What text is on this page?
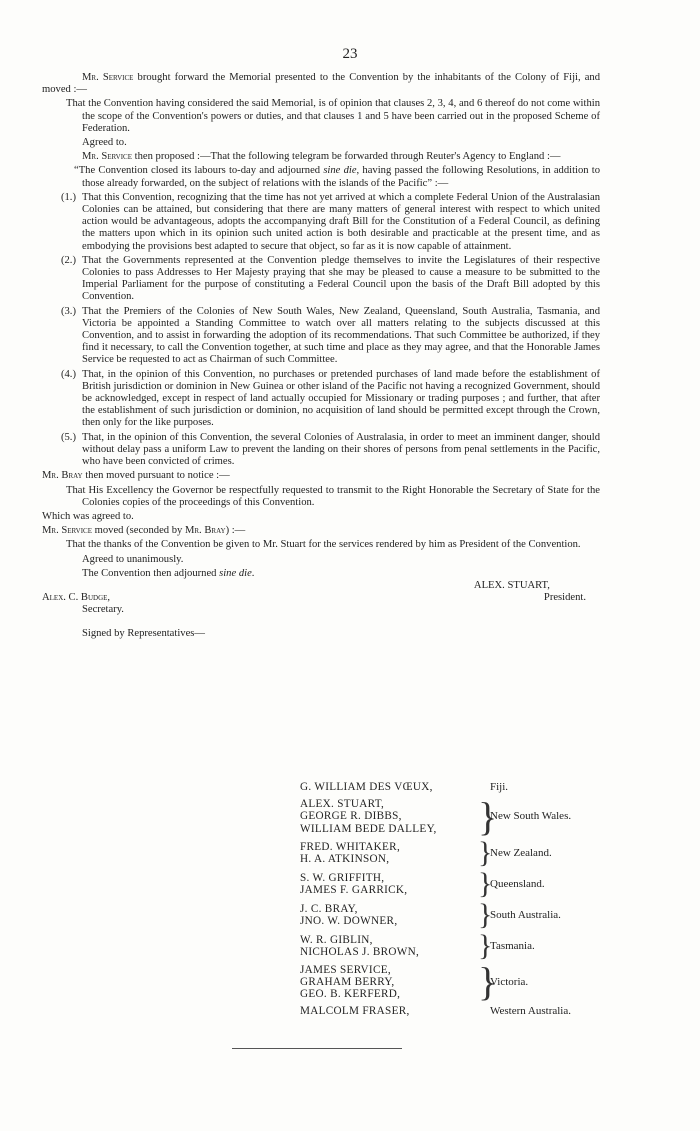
23

Mr. Service brought forward the Memorial presented to the Convention by the inhabitants of the Colony of Fiji, and moved :—

That the Convention having considered the said Memorial, is of opinion that clauses 2, 3, 4, and 6 thereof do not come within the scope of the Convention's powers or duties, and that clauses 1 and 5 have been carried out in the proposed Scheme of Federation.

Agreed to.

Mr. Service then proposed :—That the following telegram be forwarded through Reuter's Agency to England :—

“The Convention closed its labours to-day and adjourned sine die, having passed the following Resolutions, in addition to those already forwarded, on the subject of relations with the islands of the Pacific” :—

(1.) That this Convention, recognizing that the time has not yet arrived at which a complete Federal Union of the Australasian Colonies can be attained, but considering that there are many matters of general interest with respect to which united action would be advantageous, adopts the accompanying draft Bill for the Constitution of a Federal Council, as defining the matters upon which in its opinion such united action is both desirable and practicable at the present time, and as embodying the provisions best adapted to secure that object, so far as it is now capable of attainment.

(2.) That the Governments represented at the Convention pledge themselves to invite the Legislatures of their respective Colonies to pass Addresses to Her Majesty praying that she may be pleased to cause a measure to be submitted to the Imperial Parliament for the purpose of constituting a Federal Council upon the basis of the Draft Bill adopted by this Convention.

(3.) That the Premiers of the Colonies of New South Wales, New Zealand, Queensland, South Australia, Tasmania, and Victoria be appointed a Standing Committee to watch over all matters relating to the subjects discussed at this Convention, and to assist in forwarding the adoption of its recommendations. That such Committee be authorized, if they find it necessary, to call the Convention together, at such time and place as they may agree, and that the Honorable James Service be requested to act as Chairman of such Committee.

(4.) That, in the opinion of this Convention, no purchases or pretended purchases of land made before the establishment of British jurisdiction or dominion in New Guinea or other island of the Pacific not having a recognized Government, should be acknowledged, except in respect of land actually occupied for Missionary or trading purposes ; and further, that after the establishment of such jurisdiction or dominion, no acquisition of land should be permitted except through the Crown, then only for the like purposes.

(5.) That, in the opinion of this Convention, the several Colonies of Australasia, in order to meet an imminent danger, should without delay pass a uniform Law to prevent the landing on their shores of persons from penal settlements in the Pacific, who have been convicted of crimes.

Mr. Bray then moved pursuant to notice :—

That His Excellency the Governor be respectfully requested to transmit to the Right Honorable the Secretary of State for the Colonies copies of the proceedings of this Convention.

Which was agreed to.

Mr. Service moved (seconded by Mr. Bray) :—

That the thanks of the Convention be given to Mr. Stuart for the services rendered by him as President of the Convention.

Agreed to unanimously.

The Convention then adjourned sine die.

Alex. C. Budge,
Secretary.
ALEX. STUART,
President.

Signed by Representatives—

G. WILLIAM DES VŒUX,	Fiji.
ALEX. STUART,
GEORGE R. DIBBS,
WILLIAM BEDE DALLEY,	}
New South Wales.
FRED. WHITAKER,
H. A. ATKINSON,	}
New Zealand.
S. W. GRIFFITH,
JAMES F. GARRICK,	}
Queensland.
J. C. BRAY,
JNO. W. DOWNER,	}
South Australia.
W. R. GIBLIN,
NICHOLAS J. BROWN,	}
Tasmania.
JAMES SERVICE,
GRAHAM BERRY,
GEO. B. KERFERD,	}
Victoria.
MALCOLM FRASER,	Western Australia.
